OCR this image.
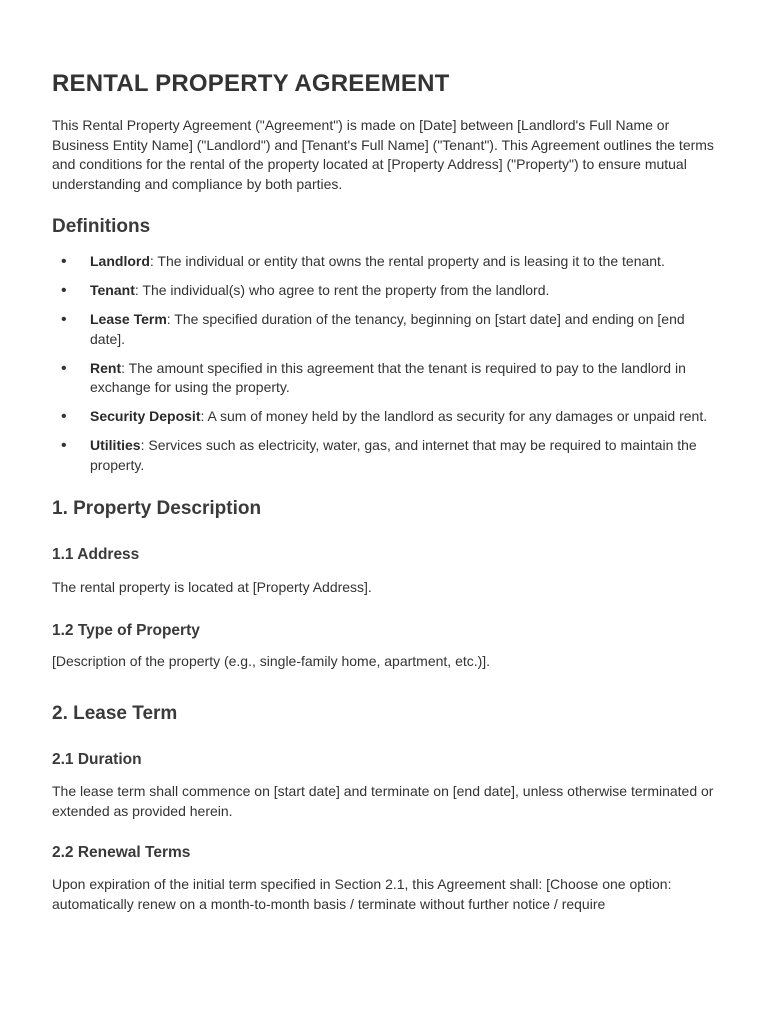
RENTAL PROPERTY AGREEMENT

This Rental Property Agreement ("Agreement") is made on [Date] between [Landlord's Full Name or Business Entity Name] ("Landlord") and [Tenant's Full Name] ("Tenant"). This Agreement outlines the terms and conditions for the rental of the property located at [Property Address] ("Property") to ensure mutual understanding and compliance by both parties.

Definitions
• Landlord: The individual or entity that owns the rental property and is leasing it to the tenant.
• Tenant: The individual(s) who agree to rent the property from the landlord.
• Lease Term: The specified duration of the tenancy, beginning on [start date] and ending on [end date].
• Rent: The amount specified in this agreement that the tenant is required to pay to the landlord in exchange for using the property.
• Security Deposit: A sum of money held by the landlord as security for any damages or unpaid rent.
• Utilities: Services such as electricity, water, gas, and internet that may be required to maintain the property.
1. Property Description
1.1 Address

The rental property is located at [Property Address].

1.2 Type of Property

[Description of the property (e.g., single-family home, apartment, etc.)].

2. Lease Term
2.1 Duration

The lease term shall commence on [start date] and terminate on [end date], unless otherwise terminated or extended as provided herein.

2.2 Renewal Terms

Upon expiration of the initial term specified in Section 2.1, this Agreement shall: [Choose one option: automatically renew on a month-to-month basis / terminate without further notice / require
